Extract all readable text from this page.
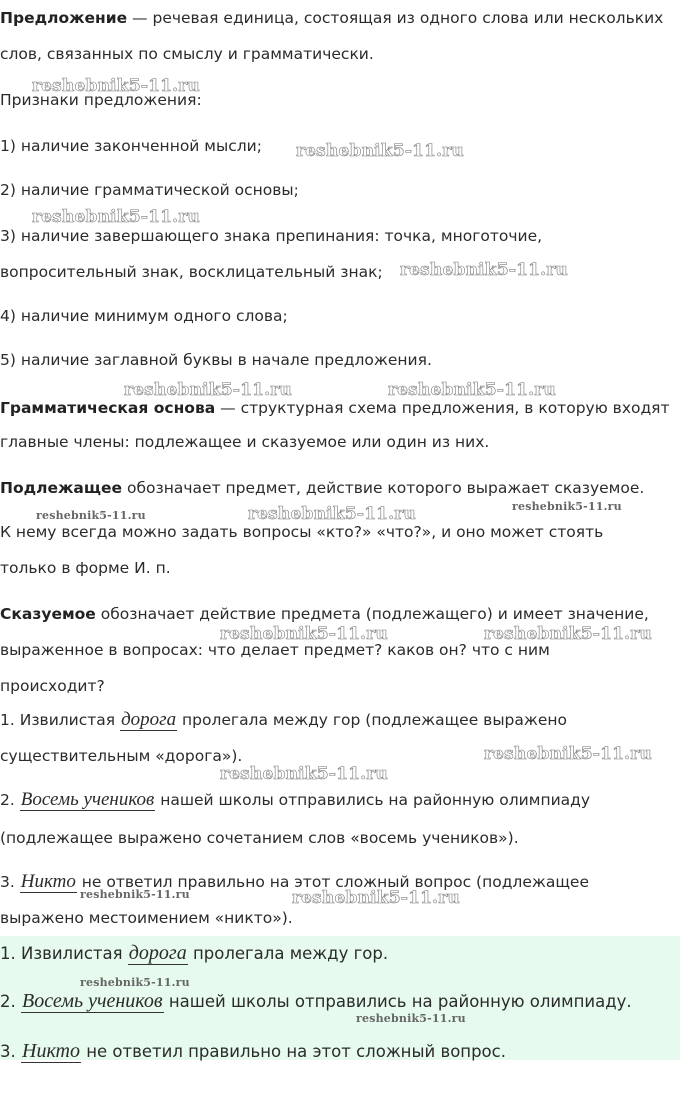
Предложение — речевая единица, состоящая из одного слова или нескольких
слов, связанных по смыслу и грамматически.
Признаки предложения:
1) наличие законченной мысли;
2) наличие грамматической основы;
3) наличие завершающего знака препинания: точка, многоточие,
вопросительный знак, восклицательный знак;
4) наличие минимум одного слова;
5) наличие заглавной буквы в начале предложения.
Грамматическая основа — структурная схема предложения, в которую входят
главные члены: подлежащее и сказуемое или один из них.
Подлежащее обозначает предмет, действие которого выражает сказуемое.
К нему всегда можно задать вопросы «кто?» «что?», и оно может стоять
только в форме И. п.
Сказуемое обозначает действие предмета (подлежащего) и имеет значение,
выраженное в вопросах: что делает предмет? каков он? что с ним
происходит?
1. Извилистая дорога пролегала между гор (подлежащее выражено
существительным «дорога»).
2. Восемь учеников нашей школы отправились на районную олимпиаду
(подлежащее выражено сочетанием слов «восемь учеников»).
3. Никто не ответил правильно на этот сложный вопрос (подлежащее
выражено местоимением «никто»).
1. Извилистая дорога пролегала между гор.
2. Восемь учеников нашей школы отправились на районную олимпиаду.
3. Никто не ответил правильно на этот сложный вопрос.
reshebnik5-11.ru
reshebnik5-11.ru
reshebnik5-11.ru
reshebnik5-11.ru
reshebnik5-11.ru	reshebnik5-11.ru
reshebnik5-11.ru	reshebnik5-11.ru	reshebnik5-11.ru
reshebnik5-11.ru	reshebnik5-11.ru
reshebnik5-11.ru
reshebnik5-11.ru
reshebnik5-11.ru	reshebnik5-11.ru
reshebnik5-11.ru
reshebnik5-11.ru
